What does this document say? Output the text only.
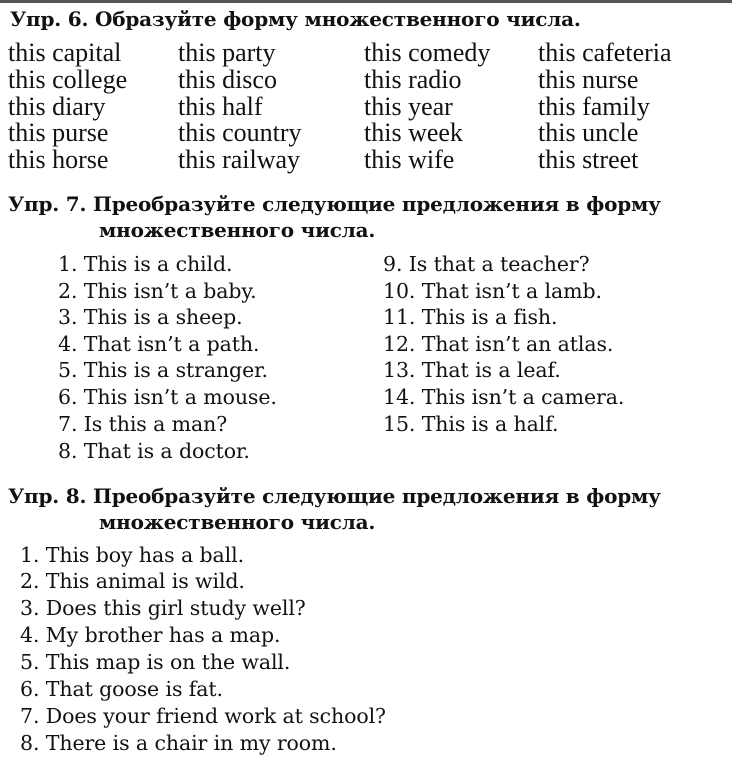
Упр. 6. Образуйте форму множественного числа.
this capital
this college
this diary
this purse
this horse
this party
this disco
this half
this country
this railway
this comedy
this radio
this year
this week
this wife
this cafeteria
this nurse
this family
this uncle
this street
Упр. 7. Преобразуйте следующие предложения в форму
множественного числа.
1. This is a child.
2. This isn’t a baby.
3. This is a sheep.
4. That isn’t a path.
5. This is a stranger.
6. This isn’t a mouse.
7. Is this a man?
8. That is a doctor.
9. Is that a teacher?
10. That isn’t a lamb.
11. This is a fish.
12. That isn’t an atlas.
13. That is a leaf.
14. This isn’t a camera.
15. This is a half.
Упр. 8. Преобразуйте следующие предложения в форму
множественного числа.
1. This boy has a ball.
2. This animal is wild.
3. Does this girl study well?
4. My brother has a map.
5. This map is on the wall.
6. That goose is fat.
7. Does your friend work at school?
8. There is a chair in my room.
